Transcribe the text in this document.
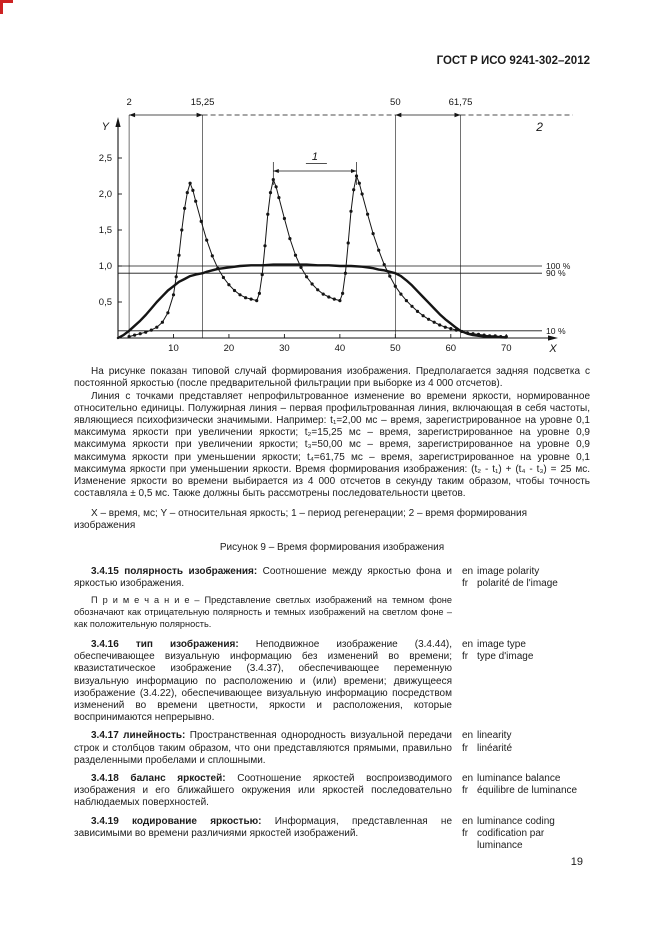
ГОСТ Р ИСО 9241-302–2012

100 %
90 %
10 %
2	15,25	50	61,75
2
1
Y
X
10	20	30	40	50	60	70
0,5
1,0
1,5
2,0
2,5

На рисунке показан типовой случай формирования изображения. Предполагается задняя подсветка с постоянной яркостью (после предварительной фильтрации при выборке из 4 000 отсчетов).

Линия с точками представляет непрофильтрованное изменение во времени яркости, нормированное относительно единицы. Полужирная линия – первая профильтрованная линия, включающая в себя частоты, являющиеся психофизически значимыми. Например: t₁=2,00 мс – время, зарегистрированное на уровне 0,1 максимума яркости при увеличении яркости; t₂=15,25 мс – время, зарегистрированное на уровне 0,9 максимума яркости при увеличении яркости; t₃=50,00 мс – время, зарегистрированное на уровне 0,9 максимума яркости при уменьшении яркости; t₄=61,75 мс – время, зарегистрированное на уровне 0,1 максимума яркости при уменьшении яркости. Время формирования изображения: (t₂ - t₁) + (t₄ - t₃) = 25 мс. Изменение яркости во времени выбирается из 4 000 отсчетов в секунду таким образом, чтобы точность составляла ± 0,5 мс. Также должны быть рассмотрены последовательности цветов.

X – время, мс; Y – относительная яркость; 1 – период регенерации; 2 – время формирования изображения

Рисунок 9 – Время формирования изображения

3.4.15 полярность изображения: Соотношение между яркостью фона и яркостью изображения.

П р и м е ч а н и е – Представление светлых изображений на темном фоне обозначают как отрицательную полярность и темных изображений на светлом фоне – как положительную полярность.

en image polarity

fr polarité de l'image

3.4.16 тип изображения: Неподвижное изображение (3.4.44), обеспечивающее визуальную информацию без изменений во времени; квазистатическое изображение (3.4.37), обеспечивающее переменную визуальную информацию по расположению и (или) времени; движущееся изображение (3.4.22), обеспечивающее визуальную информацию посредством изменений во времени цветности, яркости и расположения, которые воспринимаются непрерывно.

en image type

fr type d'image

3.4.17 линейность: Пространственная однородность визуальной передачи строк и столбцов таким образом, что они представляются прямыми, правильно разделенными пробелами и сплошными.

en linearity

fr linéarité

3.4.18 баланс яркостей: Соотношение яркостей воспроизводимого изображения и его ближайшего окружения или яркостей последовательно наблюдаемых поверхностей.

en luminance balance

fr équilibre de luminance

3.4.19 кодирование яркостью: Информация, представленная не зависимыми во времени различиями яркостей изображений.

en luminance coding

fr codification par luminance

19
